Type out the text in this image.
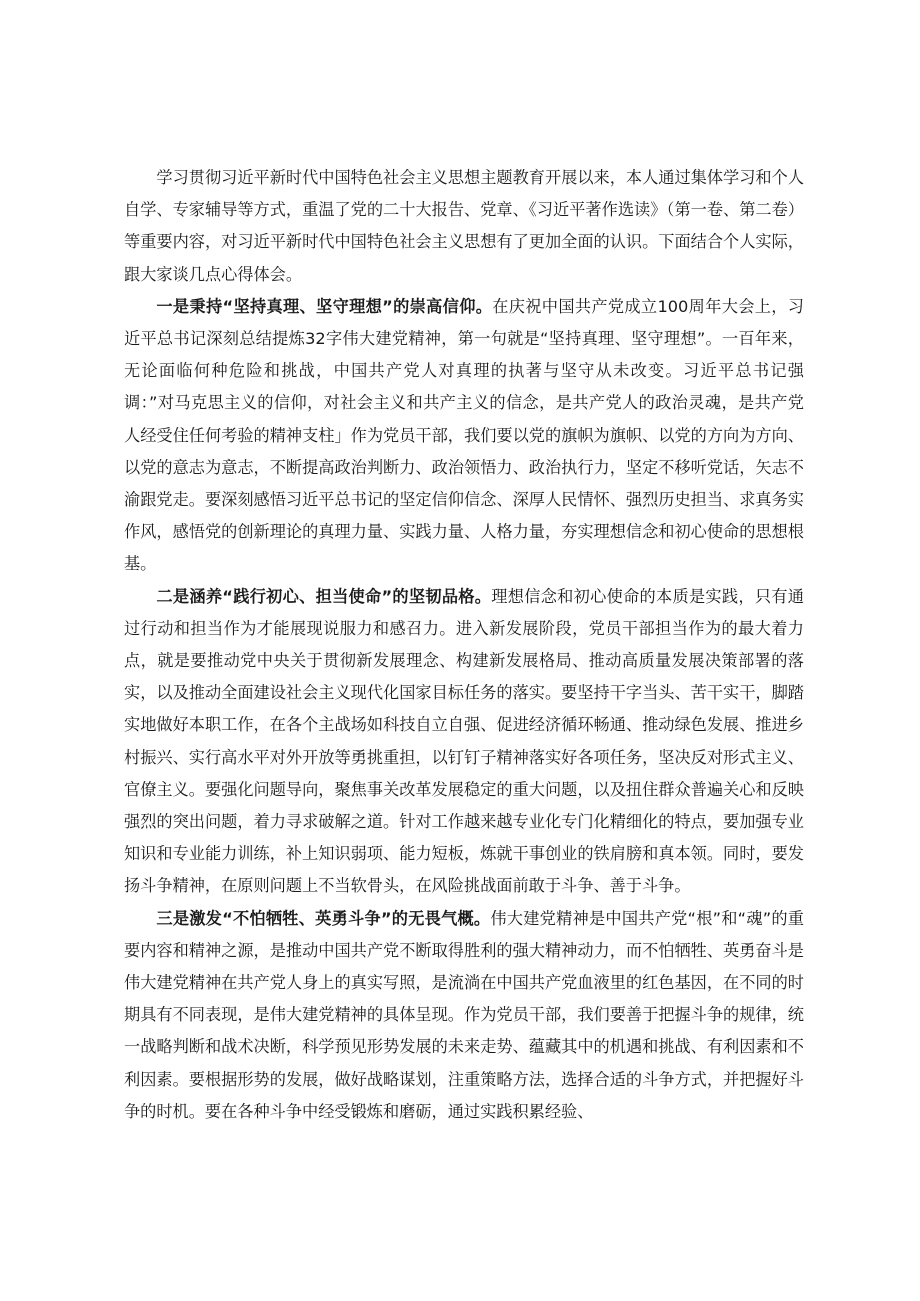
学习贯彻习近平新时代中国特色社会主义思想主题教育开展以来，本人通过集体学习和个人自学、专家辅导等方式，重温了党的二十大报告、党章、《习近平著作选读》（第一卷、第二卷）等重要内容，对习近平新时代中国特色社会主义思想有了更加全面的认识。下面结合个人实际，跟大家谈几点心得体会。

一是秉持“坚持真理、坚守理想”的崇高信仰。在庆祝中国共产党成立100周年大会上，习近平总书记深刻总结提炼32字伟大建党精神，第一句就是“坚持真理、坚守理想”。一百年来，无论面临何种危险和挑战，中国共产党人对真理的执著与坚守从未改变。习近平总书记强调：”对马克思主义的信仰，对社会主义和共产主义的信念，是共产党人的政治灵魂，是共产党人经受住任何考验的精神支柱」作为党员干部，我们要以党的旗帜为旗帜、以党的方向为方向、以党的意志为意志，不断提高政治判断力、政治领悟力、政治执行力，坚定不移听党话，矢志不渝跟党走。要深刻感悟习近平总书记的坚定信仰信念、深厚人民情怀、强烈历史担当、求真务实作风，感悟党的创新理论的真理力量、实践力量、人格力量，夯实理想信念和初心使命的思想根基。

二是涵养“践行初心、担当使命”的坚韧品格。理想信念和初心使命的本质是实践，只有通过行动和担当作为才能展现说服力和感召力。进入新发展阶段，党员干部担当作为的最大着力点，就是要推动党中央关于贯彻新发展理念、构建新发展格局、推动高质量发展决策部署的落实，以及推动全面建设社会主义现代化国家目标任务的落实。要坚持干字当头、苦干实干，脚踏实地做好本职工作，在各个主战场如科技自立自强、促进经济循环畅通、推动绿色发展、推进乡村振兴、实行高水平对外开放等勇挑重担，以钉钉子精神落实好各项任务，坚决反对形式主义、官僚主义。要强化问题导向，聚焦事关改革发展稳定的重大问题，以及扭住群众普遍关心和反映强烈的突出问题，着力寻求破解之道。针对工作越来越专业化专门化精细化的特点，要加强专业知识和专业能力训练，补上知识弱项、能力短板，炼就干事创业的铁肩膀和真本领。同时，要发扬斗争精神，在原则问题上不当软骨头，在风险挑战面前敢于斗争、善于斗争。

三是激发“不怕牺牲、英勇斗争”的无畏气概。伟大建党精神是中国共产党“根”和“魂”的重要内容和精神之源，是推动中国共产党不断取得胜利的强大精神动力，而不怕牺牲、英勇奋斗是伟大建党精神在共产党人身上的真实写照，是流淌在中国共产党血液里的红色基因，在不同的时期具有不同表现，是伟大建党精神的具体呈现。作为党员干部，我们要善于把握斗争的规律，统一战略判断和战术决断，科学预见形势发展的未来走势、蕴藏其中的机遇和挑战、有利因素和不利因素。要根据形势的发展，做好战略谋划，注重策略方法，选择合适的斗争方式，并把握好斗争的时机。要在各种斗争中经受锻炼和磨砺，通过实践积累经验、
